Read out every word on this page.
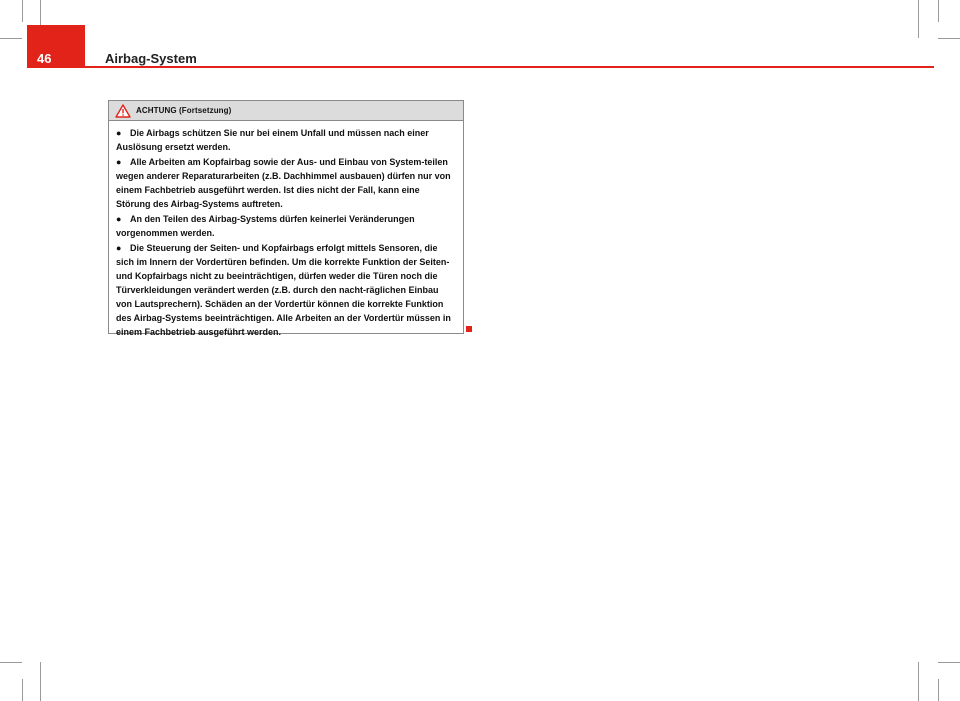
46	Airbag-System
ACHTUNG (Fortsetzung)

● Die Airbags schützen Sie nur bei einem Unfall und müssen nach einer Auslösung ersetzt werden.

● Alle Arbeiten am Kopfairbag sowie der Aus- und Einbau von System-teilen wegen anderer Reparaturarbeiten (z.B. Dachhimmel ausbauen) dürfen nur von einem Fachbetrieb ausgeführt werden. Ist dies nicht der Fall, kann eine Störung des Airbag-Systems auftreten.

● An den Teilen des Airbag-Systems dürfen keinerlei Veränderungen vorgenommen werden.

● Die Steuerung der Seiten- und Kopfairbags erfolgt mittels Sensoren, die sich im Innern der Vordertüren befinden. Um die korrekte Funktion der Seiten- und Kopfairbags nicht zu beeinträchtigen, dürfen weder die Türen noch die Türverkleidungen verändert werden (z.B. durch den nacht-räglichen Einbau von Lautsprechern). Schäden an der Vordertür können die korrekte Funktion des Airbag-Systems beeinträchtigen. Alle Arbeiten an der Vordertür müssen in einem Fachbetrieb ausgeführt werden.
